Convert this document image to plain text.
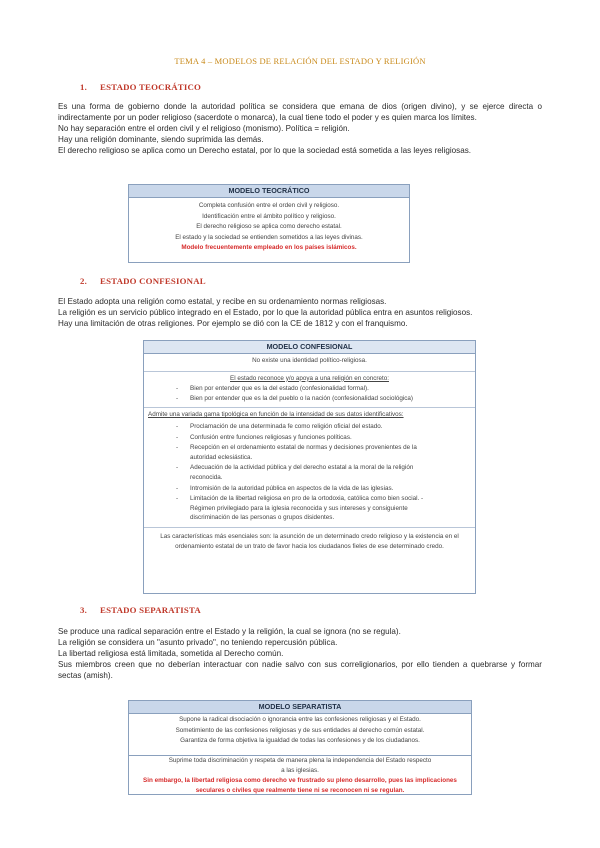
TEMA 4 – MODELOS DE RELACIÓN DEL ESTADO Y RELIGIÓN
1. ESTADO TEOCRÁTICO

Es una forma de gobierno donde la autoridad política se considera que emana de dios (origen divino), y se ejerce directa o indirectamente por un poder religioso (sacerdote o monarca), la cual tiene todo el poder y es quien marca los límites.

No hay separación entre el orden civil y el religioso (monismo). Política = religión.

Hay una religión dominante, siendo suprimida las demás.

El derecho religioso se aplica como un Derecho estatal, por lo que la sociedad está sometida a las leyes religiosas.

MODELO TEOCRÁTICO

Completa confusión entre el orden civil y religioso.

Identificación entre el ámbito político y religioso.

El derecho religioso se aplica como derecho estatal.

El estado y la sociedad se entienden sometidos a las leyes divinas.

Modelo frecuentemente empleado en los países islámicos.

2. ESTADO CONFESIONAL

El Estado adopta una religión como estatal, y recibe en su ordenamiento normas religiosas.

La religión es un servicio público integrado en el Estado, por lo que la autoridad pública entra en asuntos religiosos.

Hay una limitación de otras religiones. Por ejemplo se dió con la CE de 1812 y con el franquismo.

MODELO CONFESIONAL

No existe una identidad político-religiosa.

El estado reconoce y/o apoya a una religión en concreto:

-	Bien por entender que es la del estado (confesionalidad formal).
-	Bien por entender que es la del pueblo o la nación (confesionalidad sociológica)

Admite una variada gama tipológica en función de la intensidad de sus datos identificativos:

-	Proclamación de una determinada fe como religión oficial del estado.
-	Confusión entre funciones religiosas y funciones políticas.
-	Recepción en el ordenamiento estatal de normas y decisiones provenientes de la autoridad eclesiástica.
-	Adecuación de la actividad pública y del derecho estatal a la moral de la religión reconocida.
-	Intromisión de la autoridad pública en aspectos de la vida de las iglesias.
-	Limitación de la libertad religiosa en pro de la ortodoxia, católica como bien social. - Régimen privilegiado para la iglesia reconocida y sus intereses y consiguiente discriminación de las personas o grupos disidentes.

Las características más esenciales son: la asunción de un determinado credo religioso y la existencia en el ordenamiento estatal de un trato de favor hacia los ciudadanos fieles de ese determinado credo.

3. ESTADO SEPARATISTA

Se produce una radical separación entre el Estado y la religión, la cual se ignora (no se regula).

La religión se considera un "asunto privado", no teniendo repercusión pública.

La libertad religiosa está limitada, sometida al Derecho común.

Sus miembros creen que no deberían interactuar con nadie salvo con sus correligionarios, por ello tienden a quebrarse y formar sectas (amish).

MODELO SEPARATISTA

Supone la radical disociación o ignorancia entre las confesiones religiosas y el Estado.

Sometimiento de las confesiones religiosas y de sus entidades al derecho común estatal.

Garantiza de forma objetiva la igualdad de todas las confesiones y de los ciudadanos.

Suprime toda discriminación y respeta de manera plena la independencia del Estado respecto

a las iglesias.

Sin embargo, la libertad religiosa como derecho ve frustrado su pleno desarrollo, pues las implicaciones seculares o civiles que realmente tiene ni se reconocen ni se regulan.
